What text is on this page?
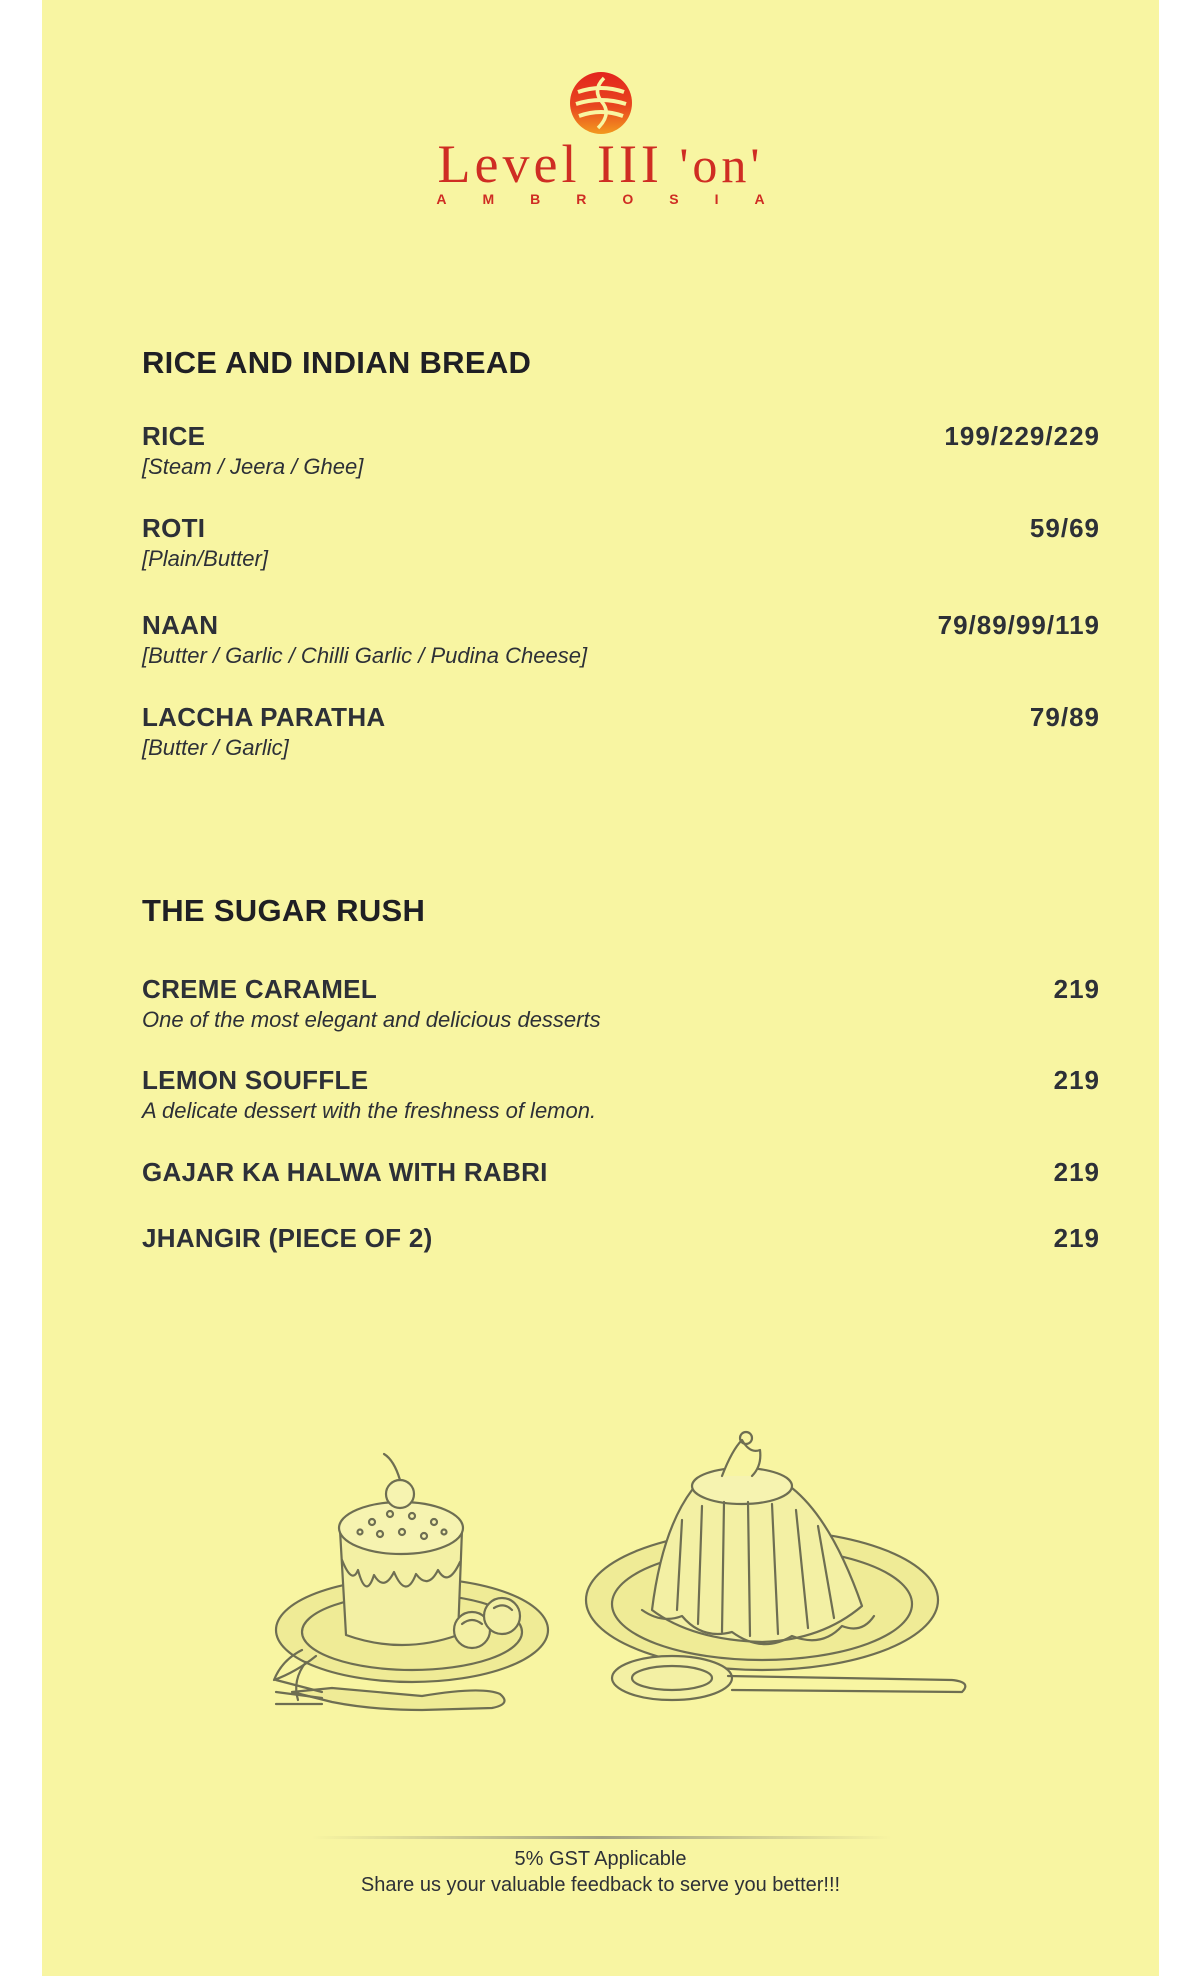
Level III 'on'
AMBROSIA
RICE AND INDIAN BREAD
RICE
[Steam / Jeera / Ghee]
199/229/229
ROTI
[Plain/Butter]
59/69
NAAN
[Butter / Garlic / Chilli Garlic / Pudina Cheese]
79/89/99/119
LACCHA PARATHA
[Butter / Garlic]
79/89
THE SUGAR RUSH
CREME CARAMEL
One of the most elegant and delicious desserts
219
LEMON SOUFFLE
A delicate dessert with the freshness of lemon.
219
GAJAR KA HALWA WITH RABRI	219
JHANGIR (PIECE OF 2)	219
5% GST Applicable
Share us your valuable feedback to serve you better!!!
